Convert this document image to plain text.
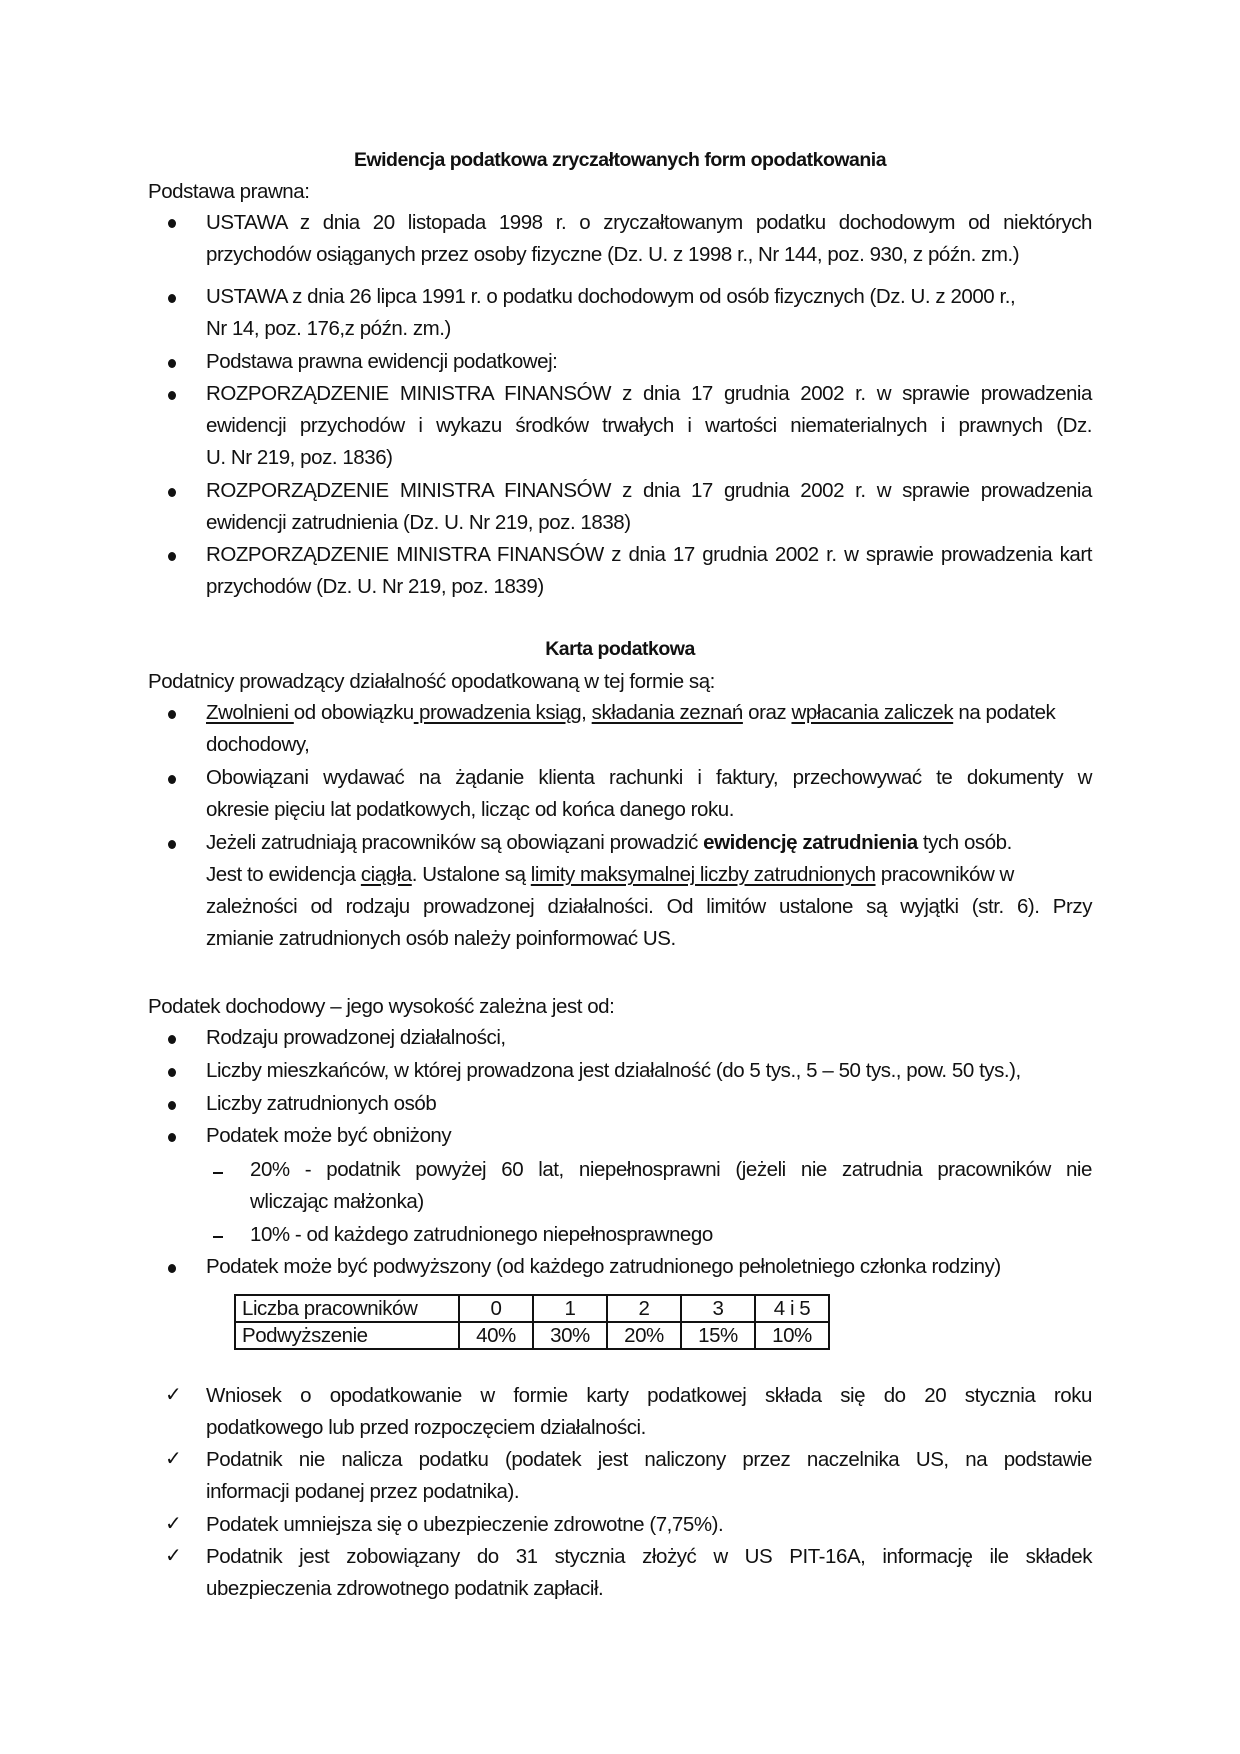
Ewidencja podatkowa zryczałtowanych form opodatkowania
Podstawa prawna:
USTAWA z dnia 20 listopada 1998 r. o zryczałtowanym podatku dochodowym od niektórych
przychodów osiąganych przez osoby fizyczne (Dz. U. z 1998 r., Nr 144, poz. 930, z późn. zm.)
USTAWA z dnia 26 lipca 1991 r. o podatku dochodowym od osób fizycznych (Dz. U. z 2000 r.,
Nr 14, poz. 176,z późn. zm.)
Podstawa prawna ewidencji podatkowej:
ROZPORZĄDZENIE MINISTRA FINANSÓW z dnia 17 grudnia 2002 r. w sprawie prowadzenia
ewidencji przychodów i wykazu środków trwałych i wartości niematerialnych i prawnych (Dz.
U. Nr 219, poz. 1836)
ROZPORZĄDZENIE MINISTRA FINANSÓW z dnia 17 grudnia 2002 r. w sprawie prowadzenia
ewidencji zatrudnienia (Dz. U. Nr 219, poz. 1838)
ROZPORZĄDZENIE MINISTRA FINANSÓW z dnia 17 grudnia 2002 r. w sprawie prowadzenia kart
przychodów (Dz. U. Nr 219, poz. 1839)
Karta podatkowa
Podatnicy prowadzący działalność opodatkowaną w tej formie są:
Zwolnieni od obowiązku prowadzenia ksiąg, składania zeznań oraz wpłacania zaliczek na podatek
dochodowy,
Obowiązani wydawać na żądanie klienta rachunki i faktury, przechowywać te dokumenty w
okresie pięciu lat podatkowych, licząc od końca danego roku.
Jeżeli zatrudniają pracowników są obowiązani prowadzić ewidencję zatrudnienia tych osób.
Jest to ewidencja ciągła. Ustalone są limity maksymalnej liczby zatrudnionych pracowników w
zależności od rodzaju prowadzonej działalności. Od limitów ustalone są wyjątki (str. 6). Przy
zmianie zatrudnionych osób należy poinformować US.
Podatek dochodowy – jego wysokość zależna jest od:
Rodzaju prowadzonej działalności,
Liczby mieszkańców, w której prowadzona jest działalność (do 5 tys., 5 – 50 tys., pow. 50 tys.),
Liczby zatrudnionych osób
Podatek może być obniżony
20% - podatnik powyżej 60 lat, niepełnosprawni (jeżeli nie zatrudnia pracowników nie
wliczając małżonka)
10% - od każdego zatrudnionego niepełnosprawnego
Podatek może być podwyższony (od każdego zatrudnionego pełnoletniego członka rodziny)
Liczba pracowników	0	1	2	3	4 i 5
Podwyższenie	40%	30%	20%	15%	10%
✓ Wniosek o opodatkowanie w formie karty podatkowej składa się do 20 stycznia roku
podatkowego lub przed rozpoczęciem działalności.
✓ Podatnik nie nalicza podatku (podatek jest naliczony przez naczelnika US, na podstawie
informacji podanej przez podatnika).
✓ Podatek umniejsza się o ubezpieczenie zdrowotne (7,75%).
✓ Podatnik jest zobowiązany do 31 stycznia złożyć w US PIT-16A, informację ile składek
ubezpieczenia zdrowotnego podatnik zapłacił.
